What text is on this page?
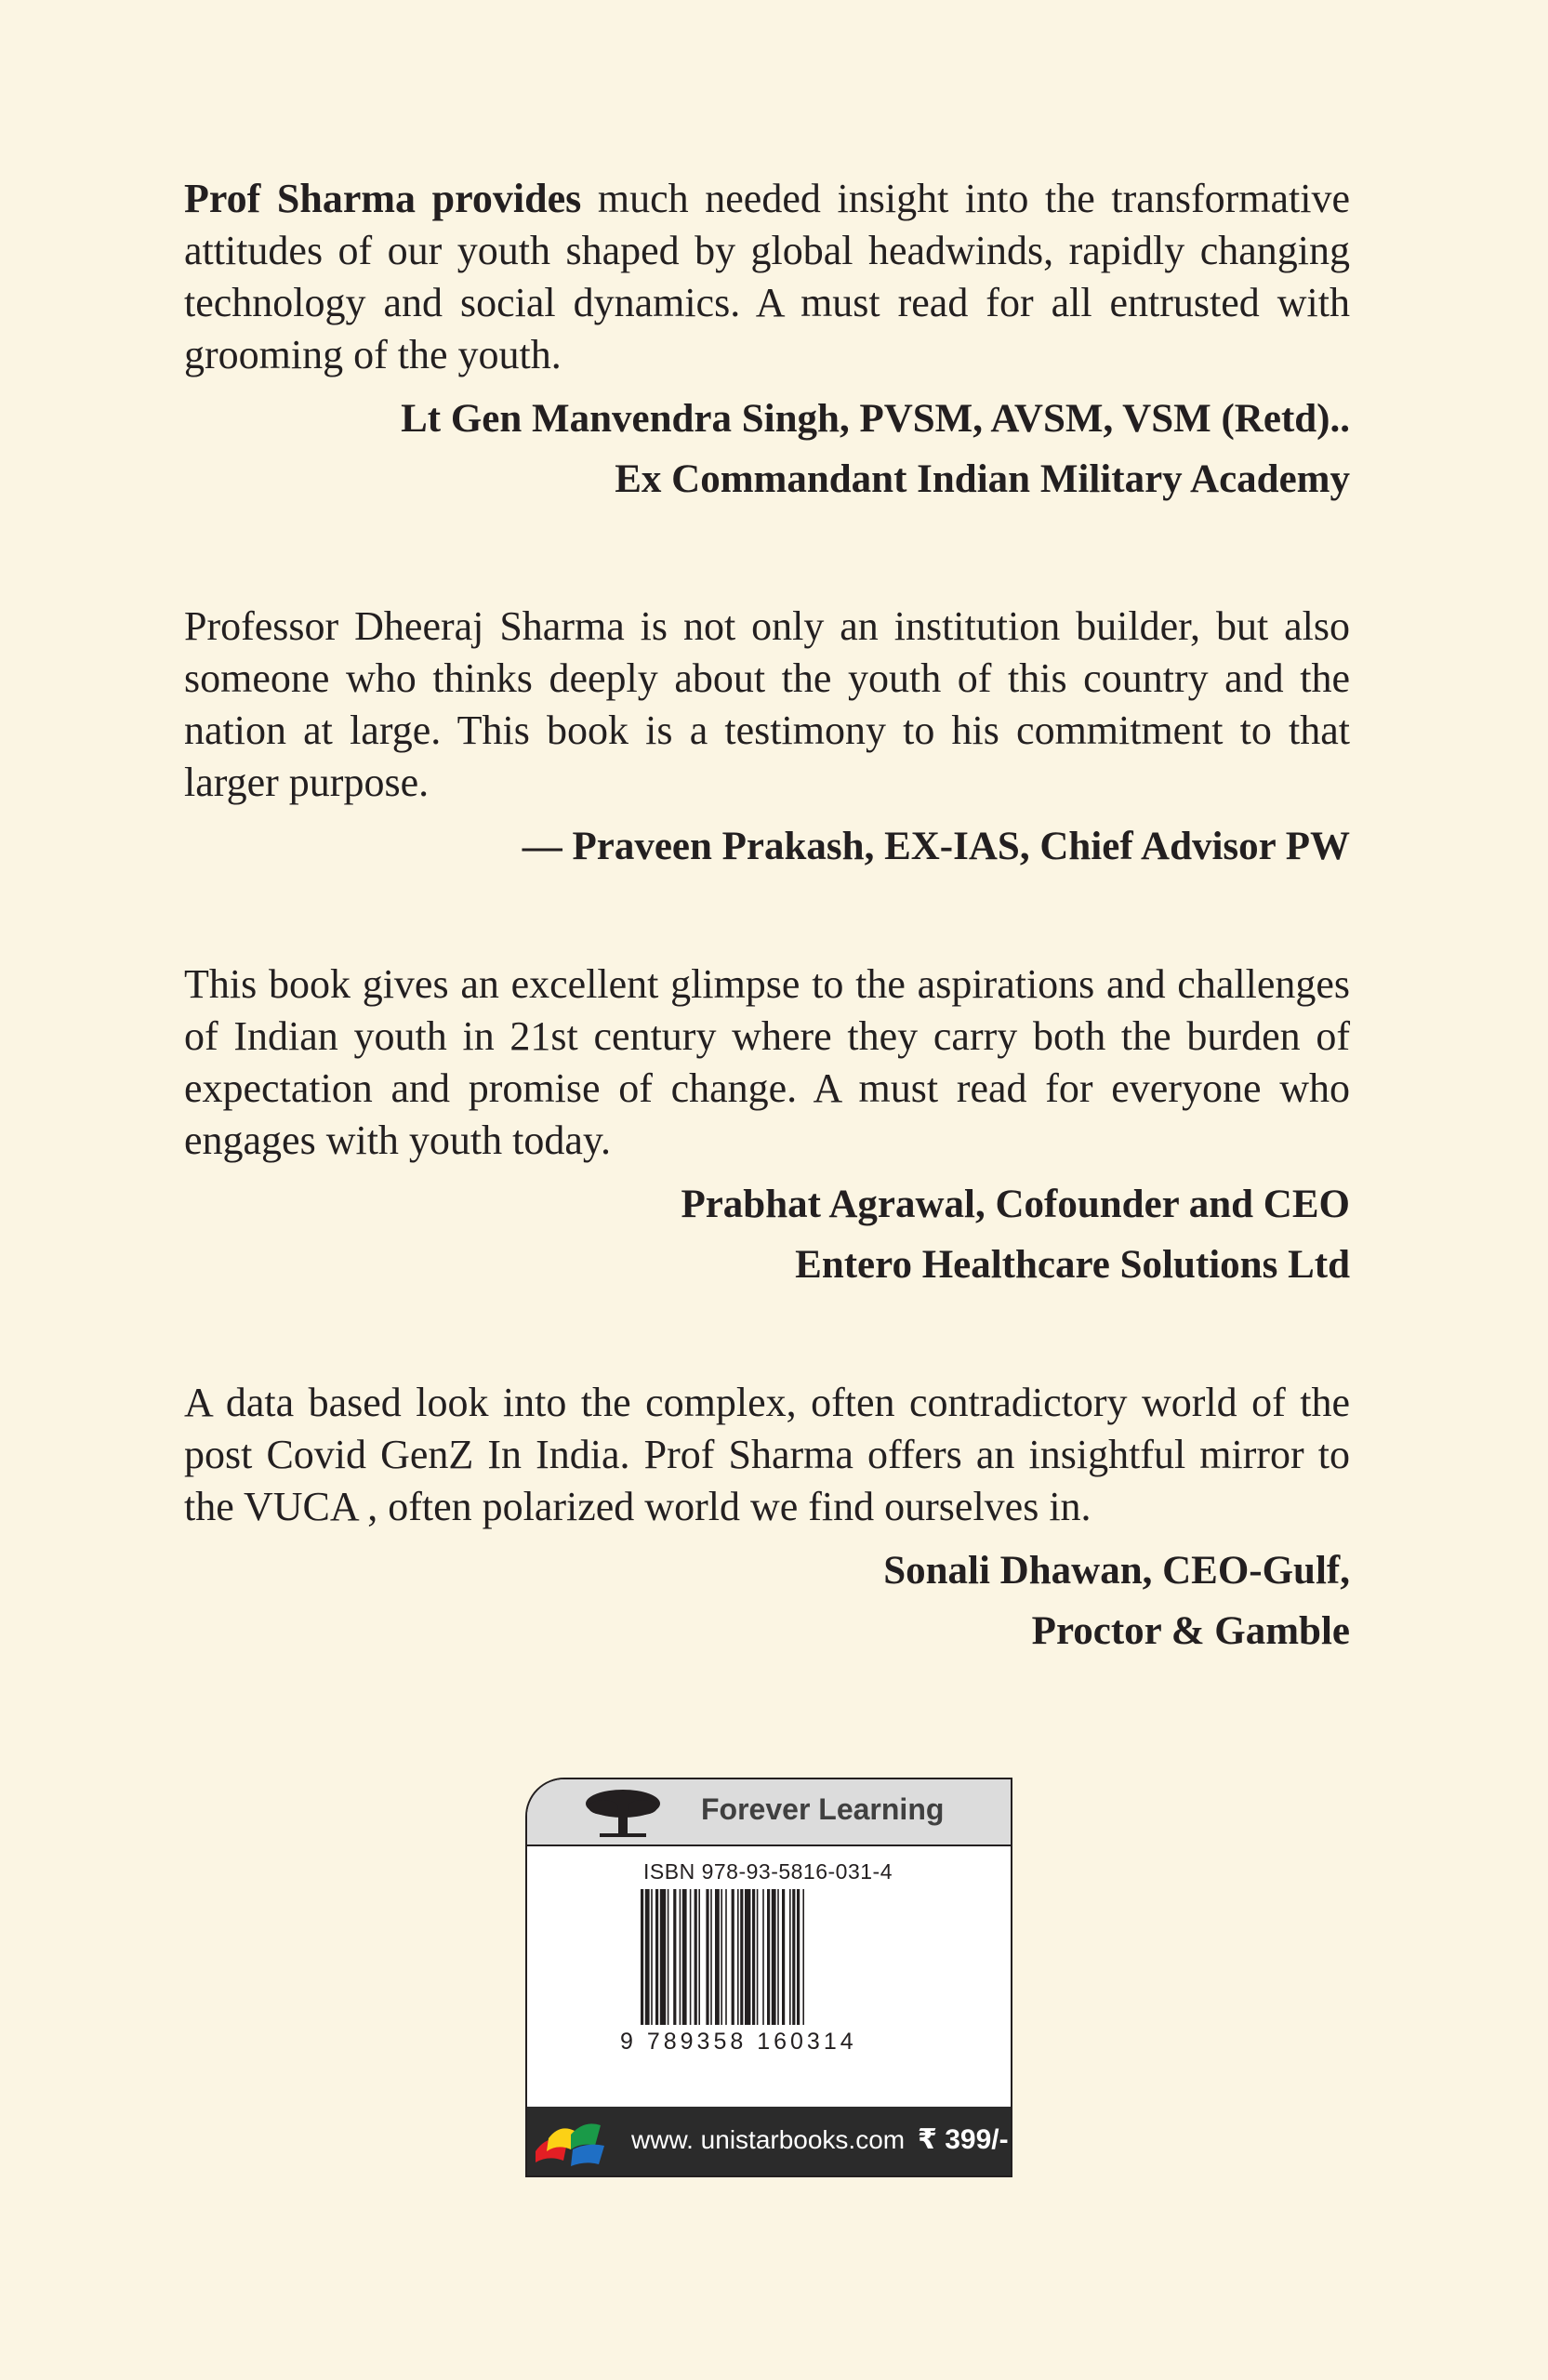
Prof Sharma provides much needed insight into the transformative attitudes of our youth shaped by global headwinds, rapidly changing technology and social dynamics. A must read for all entrusted with grooming of the youth.

Lt Gen Manvendra Singh, PVSM, AVSM, VSM (Retd)..

Ex Commandant Indian Military Academy

Professor Dheeraj Sharma is not only an institution builder, but also someone who thinks deeply about the youth of this country and the nation at large. This book is a testimony to his commitment to that larger purpose.

— Praveen Prakash, EX-IAS, Chief Advisor PW

This book gives an excellent glimpse to the aspirations and challenges of Indian youth in 21st century where they carry both the burden of expectation and promise of change. A must read for everyone who engages with youth today.

Prabhat Agrawal, Cofounder and CEO

Entero Healthcare Solutions Ltd

A data based look into the complex, often contradictory world of the post Covid GenZ In India. Prof Sharma offers an insightful mirror to the VUCA , often polarized world we find ourselves in.

Sonali Dhawan, CEO-Gulf,

Proctor & Gamble

Forever Learning
ISBN 978-93-5816-031-4
9 789358 160314
www. unistarbooks.com ₹ 399/-
